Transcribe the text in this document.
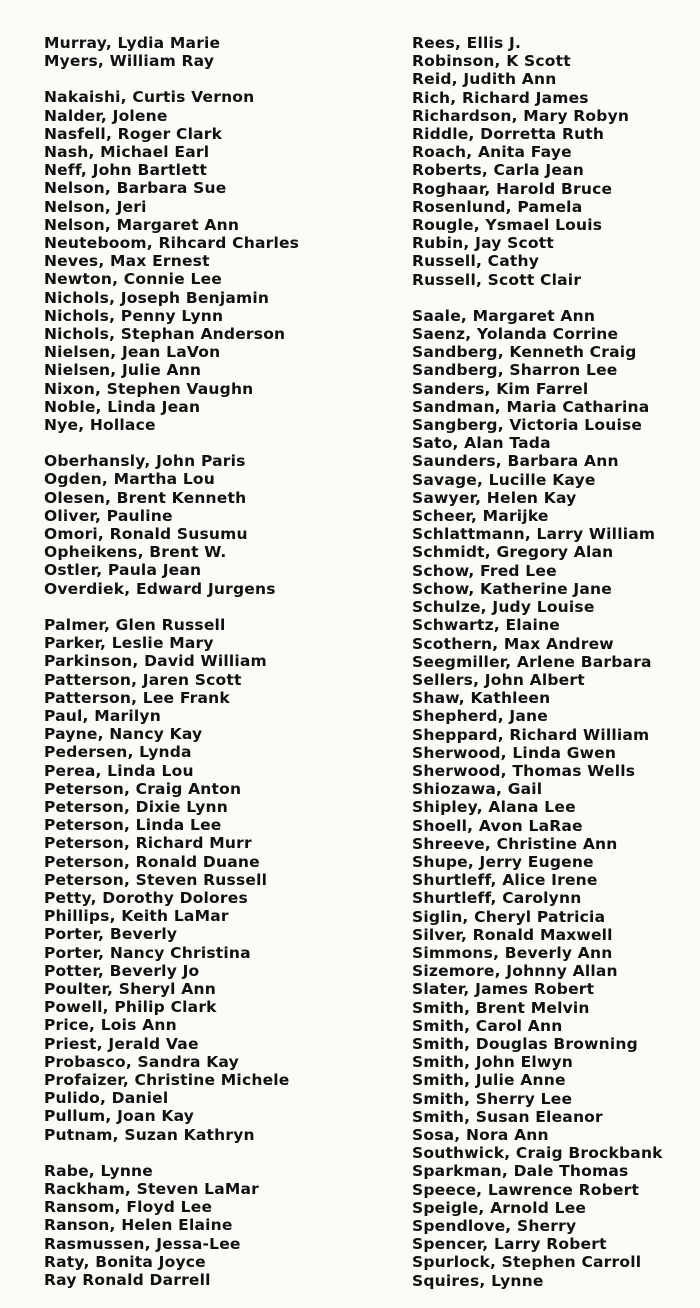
Murray, Lydia Marie
Myers, William Ray
Nakaishi, Curtis Vernon
Nalder, Jolene
Nasfell, Roger Clark
Nash, Michael Earl
Neff, John Bartlett
Nelson, Barbara Sue
Nelson, Jeri
Nelson, Margaret Ann
Neuteboom, Rihcard Charles
Neves, Max Ernest
Newton, Connie Lee
Nichols, Joseph Benjamin
Nichols, Penny Lynn
Nichols, Stephan Anderson
Nielsen, Jean LaVon
Nielsen, Julie Ann
Nixon, Stephen Vaughn
Noble, Linda Jean
Nye, Hollace
Oberhansly, John Paris
Ogden, Martha Lou
Olesen, Brent Kenneth
Oliver, Pauline
Omori, Ronald Susumu
Opheikens, Brent W.
Ostler, Paula Jean
Overdiek, Edward Jurgens
Palmer, Glen Russell
Parker, Leslie Mary
Parkinson, David William
Patterson, Jaren Scott
Patterson, Lee Frank
Paul, Marilyn
Payne, Nancy Kay
Pedersen, Lynda
Perea, Linda Lou
Peterson, Craig Anton
Peterson, Dixie Lynn
Peterson, Linda Lee
Peterson, Richard Murr
Peterson, Ronald Duane
Peterson, Steven Russell
Petty, Dorothy Dolores
Phillips, Keith LaMar
Porter, Beverly
Porter, Nancy Christina
Potter, Beverly Jo
Poulter, Sheryl Ann
Powell, Philip Clark
Price, Lois Ann
Priest, Jerald Vae
Probasco, Sandra Kay
Profaizer, Christine Michele
Pulido, Daniel
Pullum, Joan Kay
Putnam, Suzan Kathryn
Rabe, Lynne
Rackham, Steven LaMar
Ransom, Floyd Lee
Ranson, Helen Elaine
Rasmussen, Jessa-Lee
Raty, Bonita Joyce
Ray Ronald Darrell
Rees, Ellis J.
Robinson, K Scott
Reid, Judith Ann
Rich, Richard James
Richardson, Mary Robyn
Riddle, Dorretta Ruth
Roach, Anita Faye
Roberts, Carla Jean
Roghaar, Harold Bruce
Rosenlund, Pamela
Rougle, Ysmael Louis
Rubin, Jay Scott
Russell, Cathy
Russell, Scott Clair
Saale, Margaret Ann
Saenz, Yolanda Corrine
Sandberg, Kenneth Craig
Sandberg, Sharron Lee
Sanders, Kim Farrel
Sandman, Maria Catharina
Sangberg, Victoria Louise
Sato, Alan Tada
Saunders, Barbara Ann
Savage, Lucille Kaye
Sawyer, Helen Kay
Scheer, Marijke
Schlattmann, Larry William
Schmidt, Gregory Alan
Schow, Fred Lee
Schow, Katherine Jane
Schulze, Judy Louise
Schwartz, Elaine
Scothern, Max Andrew
Seegmiller, Arlene Barbara
Sellers, John Albert
Shaw, Kathleen
Shepherd, Jane
Sheppard, Richard William
Sherwood, Linda Gwen
Sherwood, Thomas Wells
Shiozawa, Gail
Shipley, Alana Lee
Shoell, Avon LaRae
Shreeve, Christine Ann
Shupe, Jerry Eugene
Shurtleff, Alice Irene
Shurtleff, Carolynn
Siglin, Cheryl Patricia
Silver, Ronald Maxwell
Simmons, Beverly Ann
Sizemore, Johnny Allan
Slater, James Robert
Smith, Brent Melvin
Smith, Carol Ann
Smith, Douglas Browning
Smith, John Elwyn
Smith, Julie Anne
Smith, Sherry Lee
Smith, Susan Eleanor
Sosa, Nora Ann
Southwick, Craig Brockbank
Sparkman, Dale Thomas
Speece, Lawrence Robert
Speigle, Arnold Lee
Spendlove, Sherry
Spencer, Larry Robert
Spurlock, Stephen Carroll
Squires, Lynne
